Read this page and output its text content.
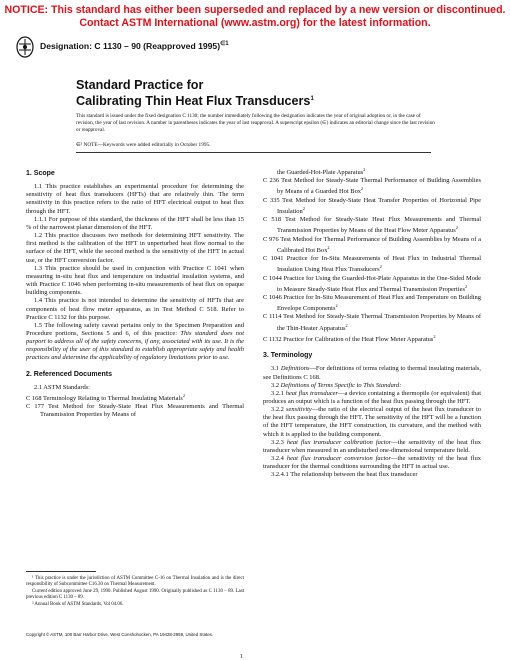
NOTICE: This standard has either been superseded and replaced by a new version or discontinued.
Contact ASTM International (www.astm.org) for the latest information.
Designation: C 1130 – 90 (Reapproved 1995)$^{\in 1}$
Standard Practice for
Calibrating Thin Heat Flux Transducers$^1$
This standard is issued under the fixed designation C 1130; the number immediately following the designation indicates the year of original adoption or, in the case of revision, the year of last revision. A number in parentheses indicates the year of last reapproval. A superscript epsilon (∈) indicates an editorial change since the last revision or reapproval.
∈¹ NOTE—Keywords were added editorially in October 1995.
1. Scope

1.1 This practice establishes an experimental procedure for determining the sensitivity of heat flux transducers (HFTs) that are relatively thin. The term sensitivity in this practice refers to the ratio of HFT electrical output to heat flux through the HFT.

1.1.1 For purpose of this standard, the thickness of the HFT shall be less than 15 % of the narrowest planar dimension of the HFT.

1.2 This practice discusses two methods for determining HFT sensitivity. The first method is the calibration of the HFT in unperturbed heat flow normal to the surface of the HFT, while the second method is the sensitivity of the HFT in actual use, or the HFT conversion factor.

1.3 This practice should be used in conjunction with Practice C 1041 when measuring in-situ heat flux and temperature on industrial insulation systems, and with Practice C 1046 when performing in-situ measurements of heat flux on opaque building components.

1.4 This practice is not intended to determine the sensitivity of HFTs that are components of heat flow meter apparatus, as in Test Method C 518. Refer to Practice C 1132 for this purpose.

1.5 The following safety caveat pertains only to the Specimen Preparation and Procedure portions, Sections 5 and 6, of this practice: This standard does not purport to address all of the safety concerns, if any, associated with its use. It is the responsibility of the user of this standard to establish appropriate safety and health practices and determine the applicability of regulatory limitations prior to use.

2. Referenced Documents

2.1 ASTM Standards:

C 168 Terminology Relating to Thermal Insulating Materials$^2$

C 177 Test Method for Steady-State Heat Flux Measurements and Thermal Transmission Properties by Means of

the Guarded-Hot-Plate Apparatus$^2$

C 236 Test Method for Steady-State Thermal Performance of Building Assemblies by Means of a Guarded Hot Box$^2$

C 335 Test Method for Steady-State Heat Transfer Properties of Horizontal Pipe Insulation$^2$

C 518 Test Method for Steady-State Heat Flux Measurements and Thermal Transmission Properties by Means of the Heat Flow Meter Apparatus$^2$

C 976 Test Method for Thermal Performance of Building Assemblies by Means of a Calibrated Hot Box$^2$

C 1041 Practice for In-Situ Measurements of Heat Flux in Industrial Thermal Insulation Using Heat Flux Transducers$^2$

C 1044 Practice for Using the Guarded-Hot-Plate Apparatus in the One-Sided Mode to Measure Steady-State Heat Flux and Thermal Transmission Properties$^2$

C 1046 Practice for In-Situ Measurement of Heat Flux and Temperature on Building Envelope Components$^2$

C 1114 Test Method for Steady-State Thermal Transmission Properties by Means of the Thin-Heater Apparatus$^2$

C 1132 Practice for Calibration of the Heat Flow Meter Apparatus$^2$

3. Terminology

3.1 Definitions—For definitions of terms relating to thermal insulating materials, see Definitions C 168.

3.2 Definitions of Terms Specific to This Standard:

3.2.1 heat flux transducer—a device containing a thermopile (or equivalent) that produces an output which is a function of the heat flux passing through the HFT.

3.2.2 sensitivity—the ratio of the electrical output of the heat flux transducer to the heat flux passing through the HFT. The sensitivity of the HFT will be a function of the HFT temperature, the HFT construction, its curvature, and the method with which it is applied to the building component.

3.2.3 heat flux transducer calibration factor—the sensitivity of the heat flux transducer when measured in an undisturbed one-dimensional temperature field.

3.2.4 heat flux transducer conversion factor—the sensitivity of the heat flux transducer for the thermal conditions surrounding the HFT in actual use.

3.2.4.1 The relationship between the heat flux transducer

¹ This practice is under the jurisdiction of ASTM Committee C-16 on Thermal Insulation and is the direct responsibility of Subcommittee C16.30 on Thermal Measurement.

Current edition approved June 29, 1990. Published August 1990. Originally published as C 1130 – 89. Last previous edition C 1130 – 89.

² Annual Book of ASTM Standards, Vol 04.06.

Copyright © ASTM, 100 Barr Harbor Drive, West Conshohocken, PA 19428-2959, United States.
1
